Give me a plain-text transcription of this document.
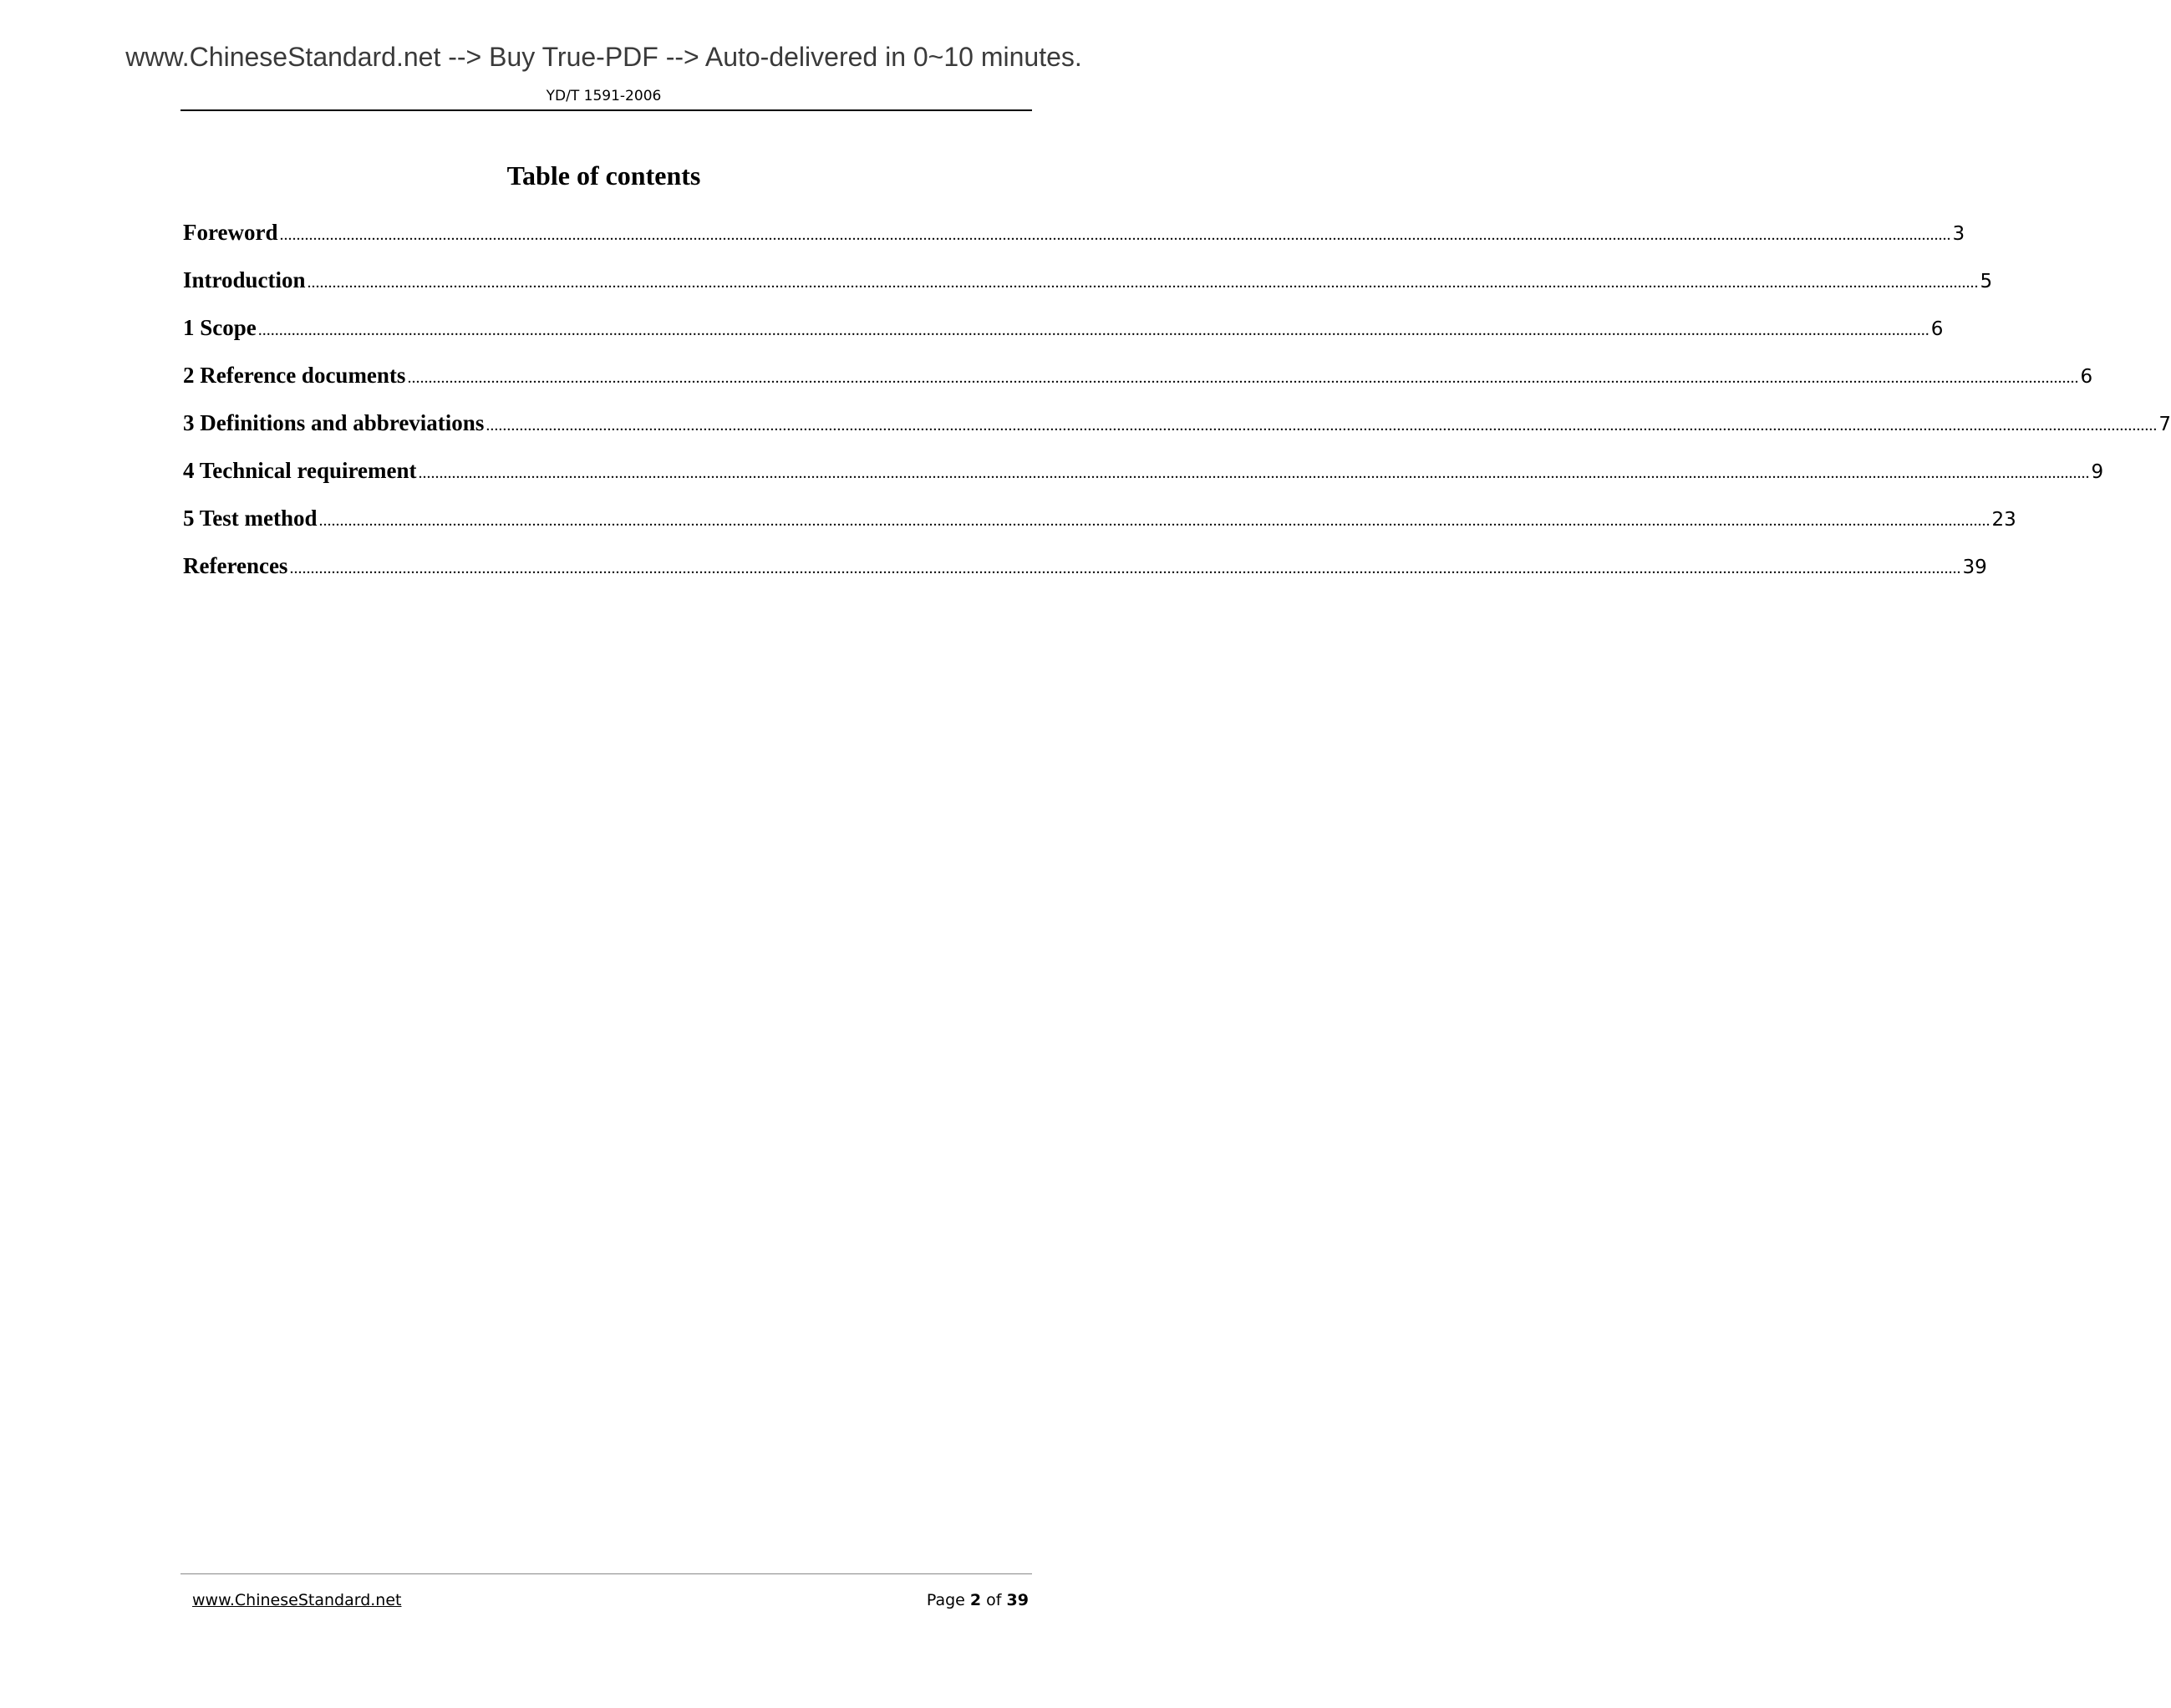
www.ChineseStandard.net --> Buy True-PDF --> Auto-delivered in 0~10 minutes.
YD/T 1591-2006
Table of contents
Foreword ................................................................................................................................................................................................................................................................................................................................................................................................................ 3
Introduction ................................................................................................................................................................................................................................................................................................................................................................................................................ 5
1 Scope ................................................................................................................................................................................................................................................................................................................................................................................................................ 6
2 Reference documents ................................................................................................................................................................................................................................................................................................................................................................................................................ 6
3 Definitions and abbreviations ................................................................................................................................................................................................................................................................................................................................................................................................................ 7
4 Technical requirement ................................................................................................................................................................................................................................................................................................................................................................................................................ 9
5 Test method ................................................................................................................................................................................................................................................................................................................................................................................................................ 23
References ................................................................................................................................................................................................................................................................................................................................................................................................................ 39
www.ChineseStandard.net	Page 2 of 39
